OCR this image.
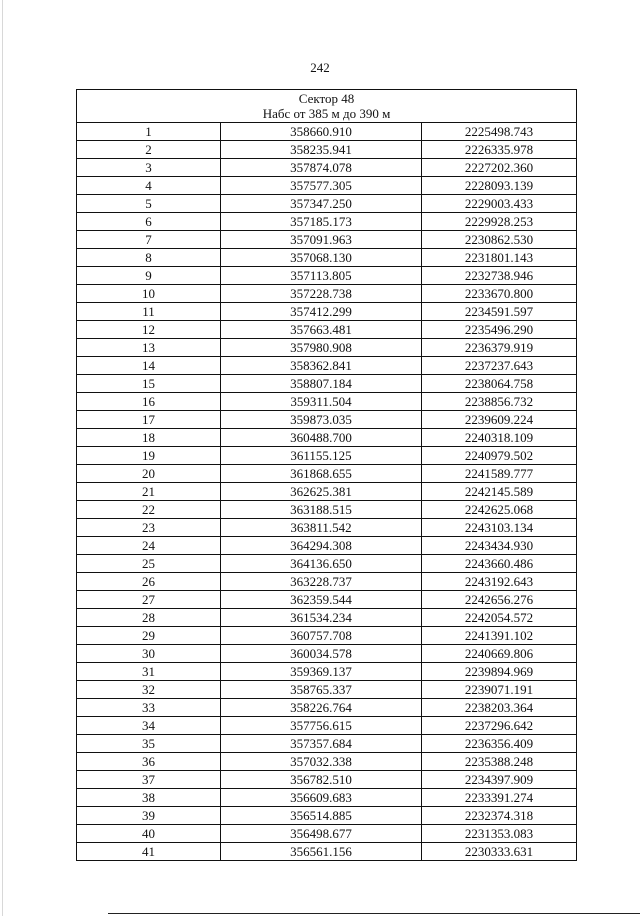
242
Сектор 48
Набс от 385 м до 390 м		

1	358660.910	2225498.743
2	358235.941	2226335.978
3	357874.078	2227202.360
4	357577.305	2228093.139
5	357347.250	2229003.433
6	357185.173	2229928.253
7	357091.963	2230862.530
8	357068.130	2231801.143
9	357113.805	2232738.946
10	357228.738	2233670.800
11	357412.299	2234591.597
12	357663.481	2235496.290
13	357980.908	2236379.919
14	358362.841	2237237.643
15	358807.184	2238064.758
16	359311.504	2238856.732
17	359873.035	2239609.224
18	360488.700	2240318.109
19	361155.125	2240979.502
20	361868.655	2241589.777
21	362625.381	2242145.589
22	363188.515	2242625.068
23	363811.542	2243103.134
24	364294.308	2243434.930
25	364136.650	2243660.486
26	363228.737	2243192.643
27	362359.544	2242656.276
28	361534.234	2242054.572
29	360757.708	2241391.102
30	360034.578	2240669.806
31	359369.137	2239894.969
32	358765.337	2239071.191
33	358226.764	2238203.364
34	357756.615	2237296.642
35	357357.684	2236356.409
36	357032.338	2235388.248
37	356782.510	2234397.909
38	356609.683	2233391.274
39	356514.885	2232374.318
40	356498.677	2231353.083
41	356561.156	2230333.631
